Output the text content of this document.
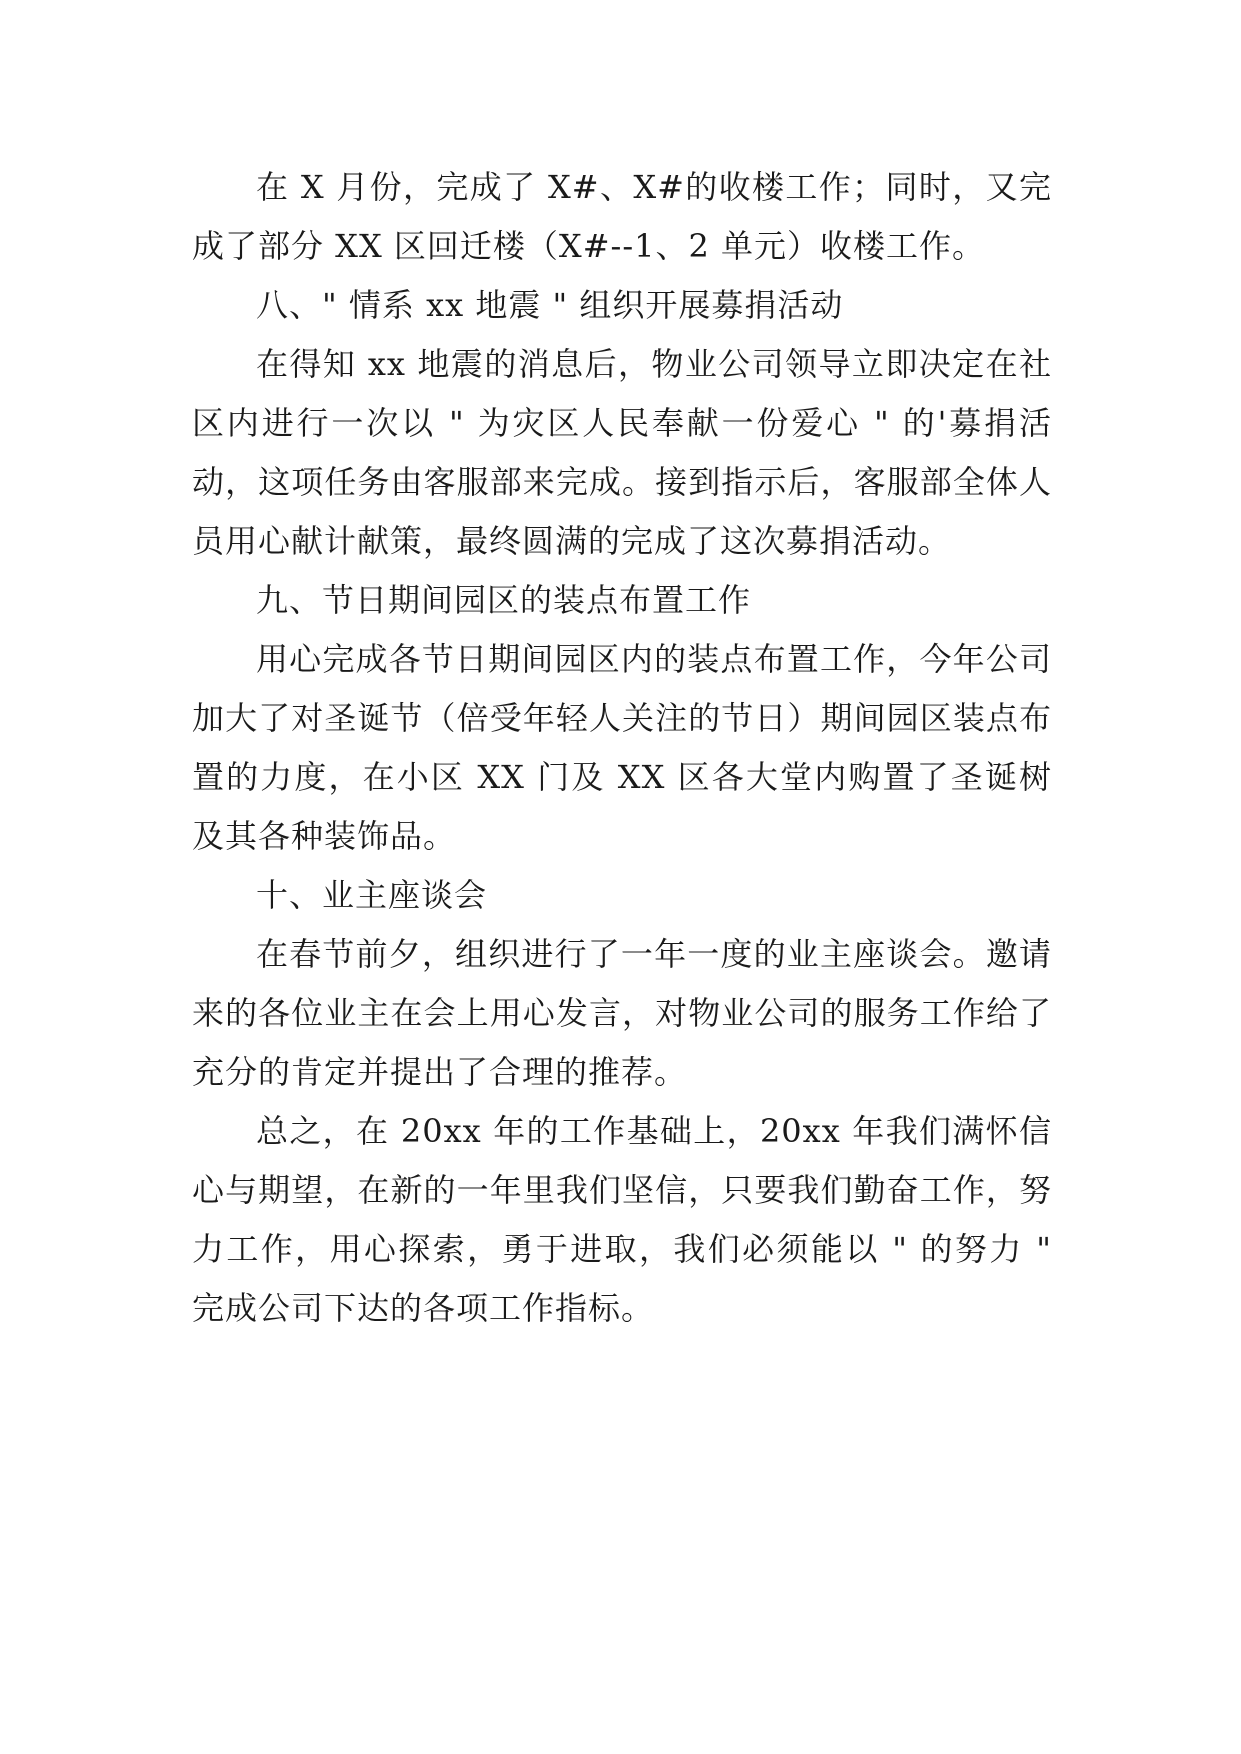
在 X 月份，完成了 X#、X#的收楼工作；同时，又完成了部分 XX 区回迁楼（X#--1、2 单元）收楼工作。

八、" 情系 xx 地震 " 组织开展募捐活动

在得知 xx 地震的消息后，物业公司领导立即决定在社区内进行一次以 " 为灾区人民奉献一份爱心 " 的'募捐活动，这项任务由客服部来完成。接到指示后，客服部全体人员用心献计献策，最终圆满的完成了这次募捐活动。

九、节日期间园区的装点布置工作

用心完成各节日期间园区内的装点布置工作，今年公司加大了对圣诞节（倍受年轻人关注的节日）期间园区装点布置的力度，在小区 XX 门及 XX 区各大堂内购置了圣诞树及其各种装饰品。

十、业主座谈会

在春节前夕，组织进行了一年一度的业主座谈会。邀请来的各位业主在会上用心发言，对物业公司的服务工作给了充分的肯定并提出了合理的推荐。

总之，在 20xx 年的工作基础上，20xx 年我们满怀信心与期望，在新的一年里我们坚信，只要我们勤奋工作，努力工作，用心探索，勇于进取，我们必须能以 " 的努力 " 完成公司下达的各项工作指标。
